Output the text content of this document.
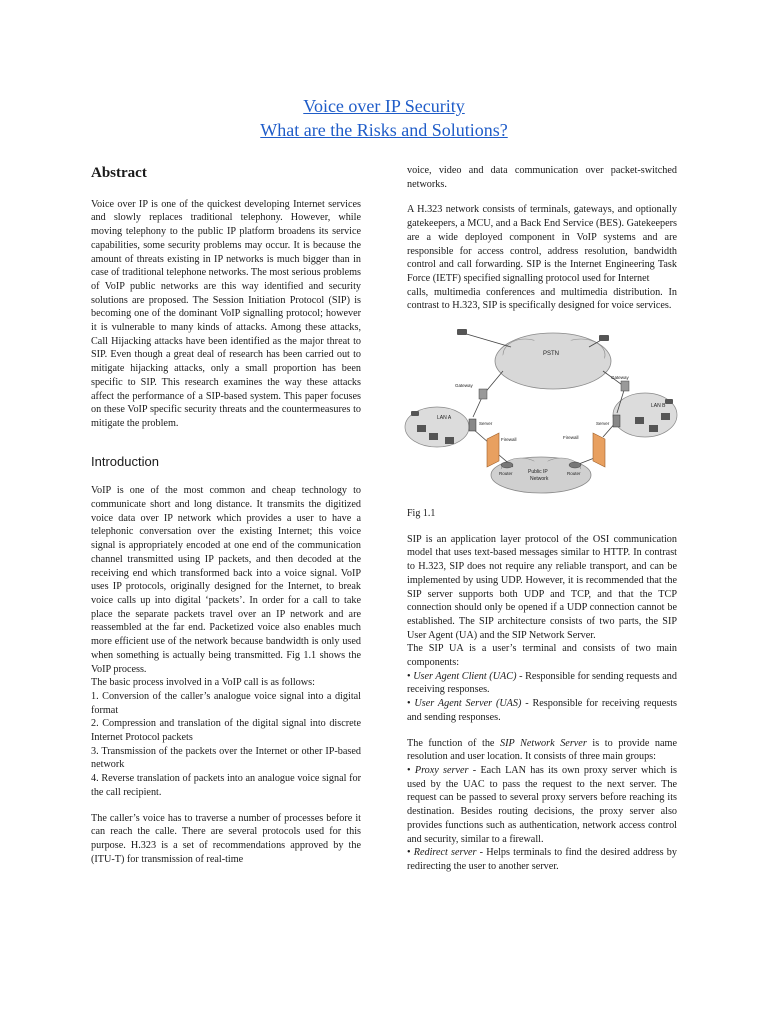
Voice over IP Security
What are the Risks and Solutions?
Abstract

Voice over IP is one of the quickest developing Internet services and slowly replaces traditional telephony. However, while moving telephony to the public IP platform broadens its service capabilities, some security problems may occur. It is because the amount of threats existing in IP networks is much bigger than in case of traditional telephone networks. The most serious problems of VoIP public networks are this way identified and security solutions are proposed. The Session Initiation Protocol (SIP) is becoming one of the dominant VoIP signalling protocol; however it is vulnerable to many kinds of attacks. Among these attacks, Call Hijacking attacks have been identified as the major threat to SIP. Even though a great deal of research has been carried out to mitigate hijacking attacks, only a small proportion has been specific to SIP. This research examines the way these attacks affect the performance of a SIP-based system. This paper focuses on these VoIP specific security threats and the countermeasures to mitigate the problem.

Introduction

VoIP is one of the most common and cheap technology to communicate short and long distance. It transmits the digitized voice data over IP network which provides a user to have a telephonic conversation over the existing Internet; this voice signal is appropriately encoded at one end of the communication channel transmitted using IP packets, and then decoded at the receiving end which transformed back into a voice signal. VoIP uses IP protocols, originally designed for the Internet, to break voice calls up into digital ‘packets’. In order for a call to take place the separate packets travel over an IP network and are reassembled at the far end. Packetized voice also enables much more efficient use of the network because bandwidth is only used when something is actually being transmitted. Fig 1.1 shows the VoIP process.

The basic process involved in a VoIP call is as follows:

1. Conversion of the caller’s analogue voice signal into a digital format

2. Compression and translation of the digital signal into discrete Internet Protocol packets

3. Transmission of the packets over the Internet or other IP-based network

4. Reverse translation of packets into an analogue voice signal for the call recipient.

The caller’s voice has to traverse a number of processes before it can reach the calle. There are several protocols used for this purpose. H.323 is a set of recommendations approved by the (ITU-T) for transmission of real-time

voice, video and data communication over packet-switched networks.

A H.323 network consists of terminals, gateways, and optionally gatekeepers, a MCU, and a Back End Service (BES). Gatekeepers are a wide deployed component in VoIP systems and are responsible for access control, address resolution, bandwidth control and call forwarding. SIP is the Internet Engineering Task Force (IETF) specified signalling protocol used for Internet

calls, multimedia conferences and multimedia distribution. In contrast to H.323, SIP is specifically designed for voice services.

PSTN
Public IP
Network
LAN A
LAN B
Gateway
Gateway
Server	Server
Firewall	Firewall
Router	Router

Fig 1.1

SIP is an application layer protocol of the OSI communication model that uses text-based messages similar to HTTP. In contrast to H.323, SIP does not require any reliable transport, and can be implemented by using UDP. However, it is recommended that the SIP server supports both UDP and TCP, and that the TCP connection should only be opened if a UDP connection cannot be established. The SIP architecture consists of two parts, the SIP User Agent (UA) and the SIP Network Server.

The SIP UA is a user’s terminal and consists of two main components:

• User Agent Client (UAC) - Responsible for sending requests and receiving responses.

• User Agent Server (UAS) - Responsible for receiving requests and sending responses.

The function of the SIP Network Server is to provide name resolution and user location. It consists of three main groups:

• Proxy server - Each LAN has its own proxy server which is used by the UAC to pass the request to the next server. The request can be passed to several proxy servers before reaching its destination. Besides routing decisions, the proxy server also provides functions such as authentication, network access control and security, similar to a firewall.

• Redirect server - Helps terminals to find the desired address by redirecting the user to another server.
